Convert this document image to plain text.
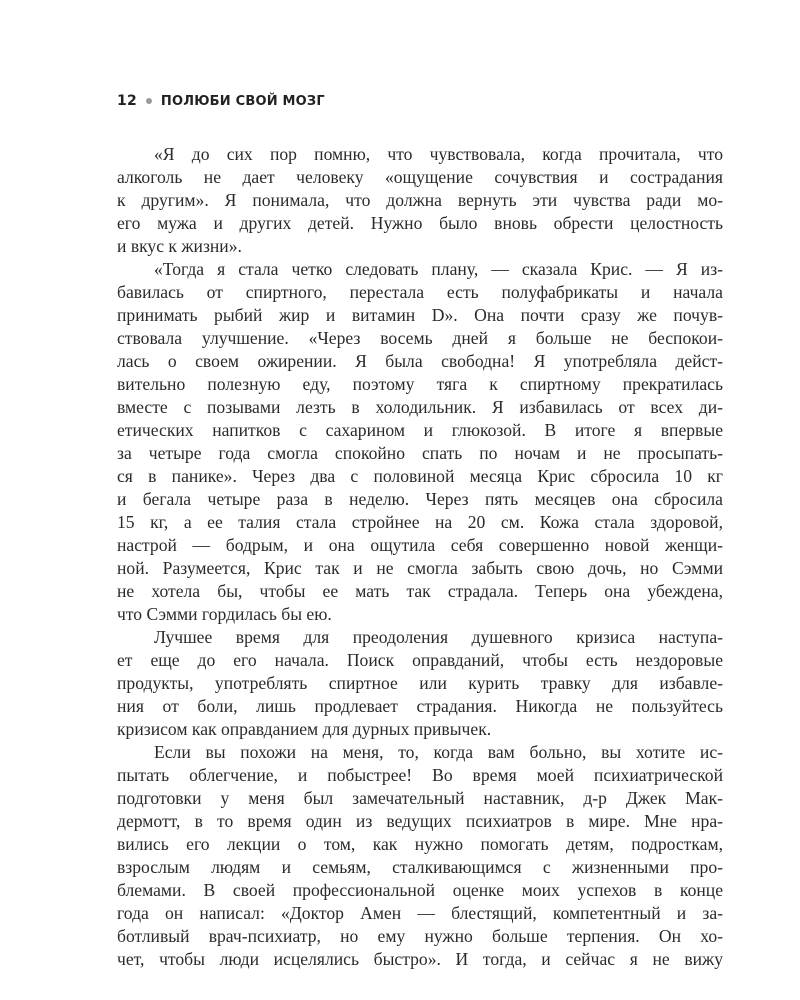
12 ПОЛЮБИ СВОЙ МОЗГ
«Я до сих пор помню, что чувствовала, когда прочитала, что
алкоголь не дает человеку «ощущение сочувствия и сострадания
к другим». Я понимала, что должна вернуть эти чувства ради мо-
его мужа и других детей. Нужно было вновь обрести целостность
и вкус к жизни».
«Тогда я стала четко следовать плану, — сказала Крис. — Я из-
бавилась от спиртного, перестала есть полуфабрикаты и начала
принимать рыбий жир и витамин D». Она почти сразу же почув-
ствовала улучшение. «Через восемь дней я больше не беспокои-
лась о своем ожирении. Я была свободна! Я употребляла дейст-
вительно полезную еду, поэтому тяга к спиртному прекратилась
вместе с позывами лезть в холодильник. Я избавилась от всех ди-
етических напитков с сахарином и глюкозой. В итоге я впервые
за четыре года смогла спокойно спать по ночам и не просыпать-
ся в панике». Через два с половиной месяца Крис сбросила 10 кг
и бегала четыре раза в неделю. Через пять месяцев она сбросила
15 кг, а ее талия стала стройнее на 20 см. Кожа стала здоровой,
настрой — бодрым, и она ощутила себя совершенно новой женщи-
ной. Разумеется, Крис так и не смогла забыть свою дочь, но Сэмми
не хотела бы, чтобы ее мать так страдала. Теперь она убеждена,
что Сэмми гордилась бы ею.
Лучшее время для преодоления душевного кризиса наступа-
ет еще до его начала. Поиск оправданий, чтобы есть нездоровые
продукты, употреблять спиртное или курить травку для избавле-
ния от боли, лишь продлевает страдания. Никогда не пользуйтесь
кризисом как оправданием для дурных привычек.
Если вы похожи на меня, то, когда вам больно, вы хотите ис-
пытать облегчение, и побыстрее! Во время моей психиатрической
подготовки у меня был замечательный наставник, д-р Джек Мак-
дермотт, в то время один из ведущих психиатров в мире. Мне нра-
вились его лекции о том, как нужно помогать детям, подросткам,
взрослым людям и семьям, сталкивающимся с жизненными про-
блемами. В своей профессиональной оценке моих успехов в конце
года он написал: «Доктор Амен — блестящий, компетентный и за-
ботливый врач-психиатр, но ему нужно больше терпения. Он хо-
чет, чтобы люди исцелялись быстро». И тогда, и сейчас я не вижу
